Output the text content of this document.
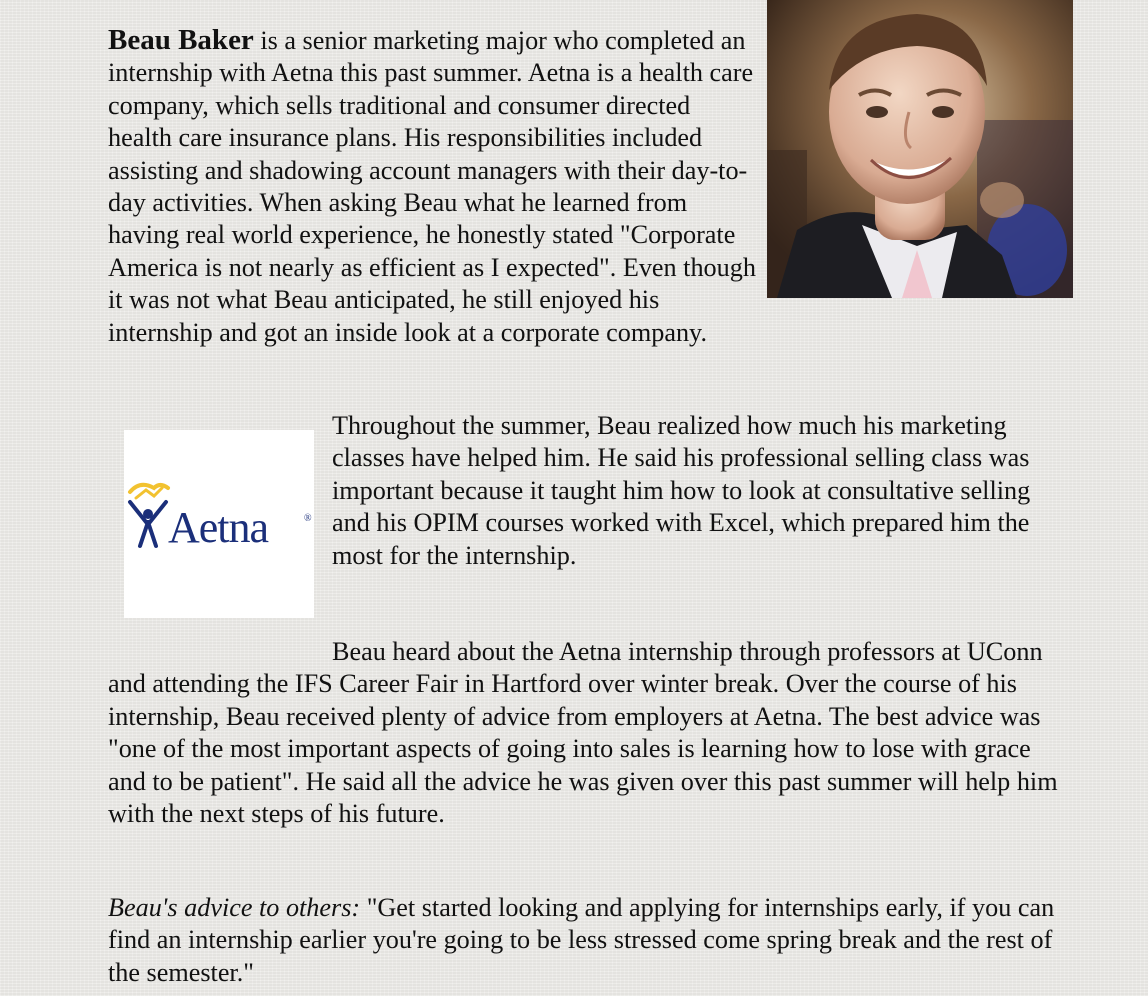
Beau Baker is a senior marketing major who completed an internship with Aetna this past summer. Aetna is a health care company, which sells traditional and consumer directed health care insurance plans. His responsibilities included assisting and shadowing account managers with their day-to-day activities. When asking Beau what he learned from having real world experience, he honestly stated "Corporate America is not nearly as efficient as I expected". Even though it was not what Beau anticipated, he still enjoyed his internship and got an inside look at a corporate company.
Aetna	®
Throughout the summer, Beau realized how much his marketing classes have helped him. He said his professional selling class was important because it taught him how to look at consultative selling and his OPIM courses worked with Excel, which prepared him the most for the internship.
Beau heard about the Aetna internship through professors at UConn and attending the IFS Career Fair in Hartford over winter break. Over the course of his internship, Beau received plenty of advice from employers at Aetna. The best advice was "one of the most important aspects of going into sales is learning how to lose with grace and to be patient". He said all the advice he was given over this past summer will help him with the next steps of his future.
Beau's advice to others: "Get started looking and applying for internships early, if you can find an internship earlier you're going to be less stressed come spring break and the rest of the semester."
